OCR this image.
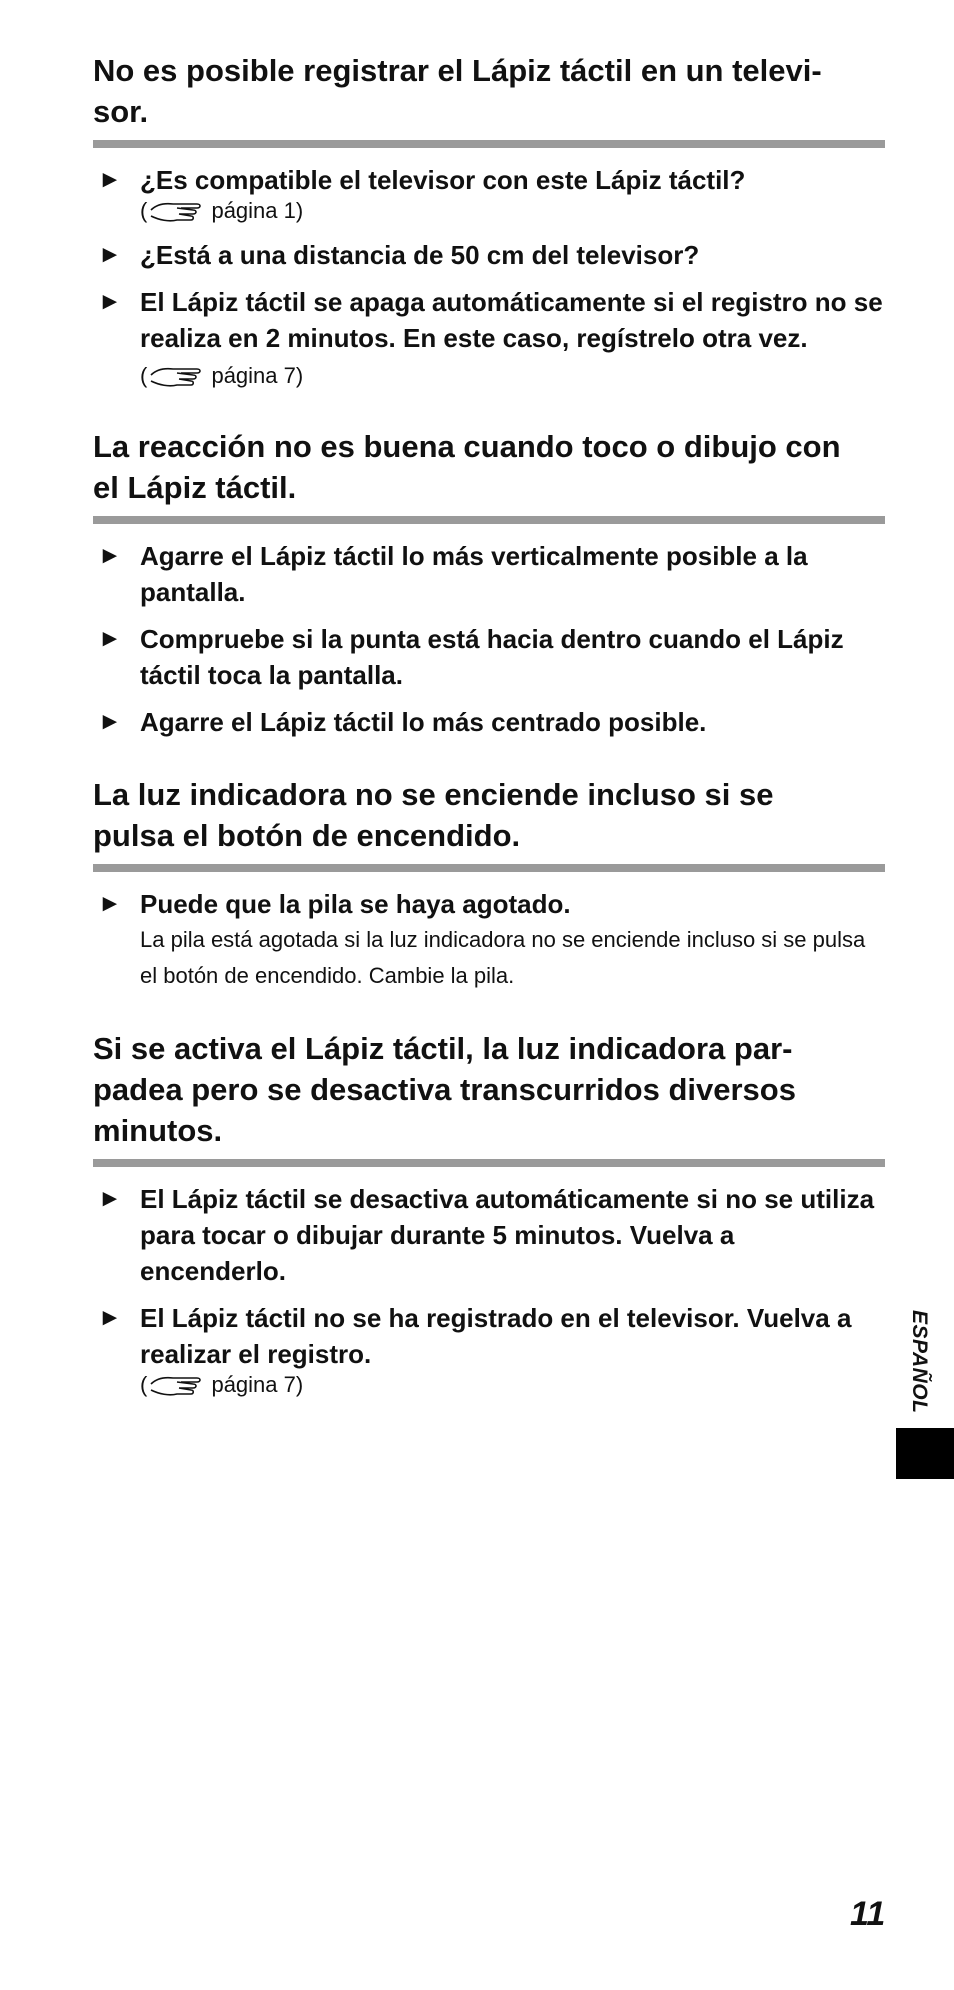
No es posible registrar el Lápiz táctil en un televi-
sor.
► ¿Es compatible el televisor con este Lápiz táctil?
(	página 1)
► ¿Está a una distancia de 50 cm del televisor?
► El Lápiz táctil se apaga automáticamente si el registro no se realiza en 2 minutos. En este caso, regístrelo otra vez. (	página 7)
La reacción no es buena cuando toco o dibujo con
el Lápiz táctil.
► Agarre el Lápiz táctil lo más verticalmente posible a la pantalla.
► Compruebe si la punta está hacia dentro cuando el Lápiz táctil toca la pantalla.
► Agarre el Lápiz táctil lo más centrado posible.
La luz indicadora no se enciende incluso si se
pulsa el botón de encendido.
► Puede que la pila se haya agotado.
La pila está agotada si la luz indicadora no se enciende incluso si se pulsa el botón de encendido. Cambie la pila.
Si se activa el Lápiz táctil, la luz indicadora par-
padea pero se desactiva transcurridos diversos
minutos.
► El Lápiz táctil se desactiva automáticamente si no se utiliza para tocar o dibujar durante 5 minutos. Vuelva a encenderlo.
► El Lápiz táctil no se ha registrado en el televisor. Vuelva a realizar el registro.
(	página 7)	ESPAÑOL
11
